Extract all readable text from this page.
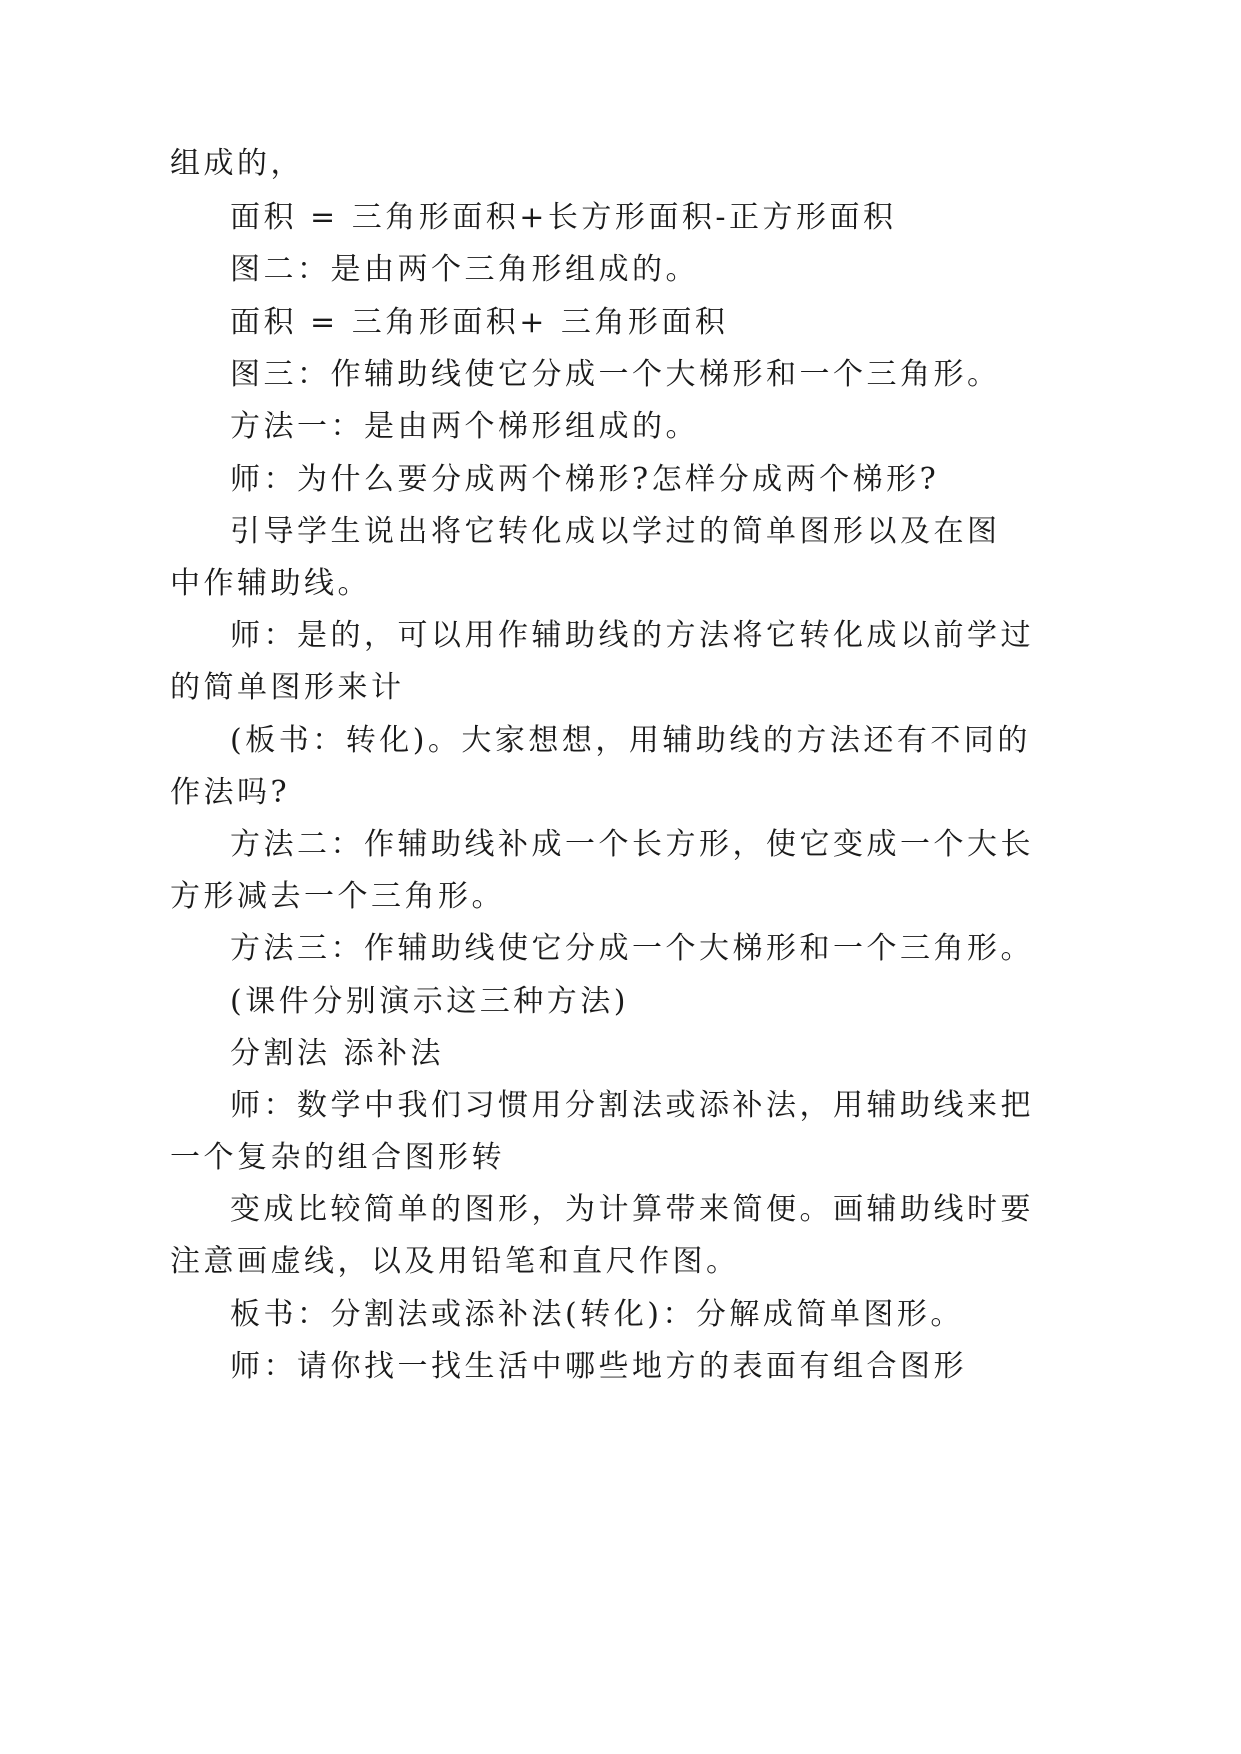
组成的，
面积 = 三角形面积+长方形面积-正方形面积
图二：是由两个三角形组成的。
面积 = 三角形面积+ 三角形面积
图三：作辅助线使它分成一个大梯形和一个三角形。
方法一：是由两个梯形组成的。
师：为什么要分成两个梯形?怎样分成两个梯形?
引导学生说出将它转化成以学过的简单图形以及在图
中作辅助线。
师：是的，可以用作辅助线的方法将它转化成以前学过
的简单图形来计
(板书：转化)。大家想想，用辅助线的方法还有不同的
作法吗?
方法二：作辅助线补成一个长方形，使它变成一个大长
方形减去一个三角形。
方法三：作辅助线使它分成一个大梯形和一个三角形。
(课件分别演示这三种方法)
分割法 添补法
师：数学中我们习惯用分割法或添补法，用辅助线来把
一个复杂的组合图形转
变成比较简单的图形，为计算带来简便。画辅助线时要
注意画虚线，以及用铅笔和直尺作图。
板书：分割法或添补法(转化)：分解成简单图形。
师：请你找一找生活中哪些地方的表面有组合图形
